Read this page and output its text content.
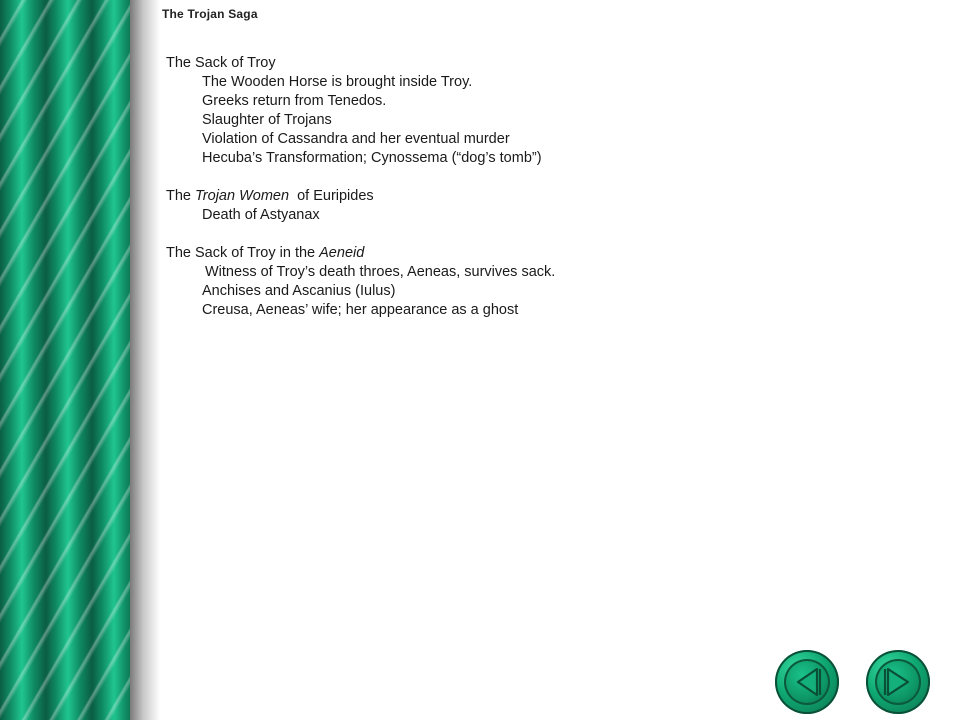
The Trojan Saga
The Sack of Troy
The Wooden Horse is brought inside Troy.
Greeks return from Tenedos.
Slaughter of Trojans
Violation of Cassandra and her eventual murder
Hecuba’s Transformation; Cynossema (“dog’s tomb”)
The Trojan Women  of Euripides
Death of Astyanax
The Sack of Troy in the Aeneid
Witness of Troy’s death throes, Aeneas, survives sack.
Anchises and Ascanius (Iulus)
Creusa, Aeneas’ wife; her appearance as a ghost
